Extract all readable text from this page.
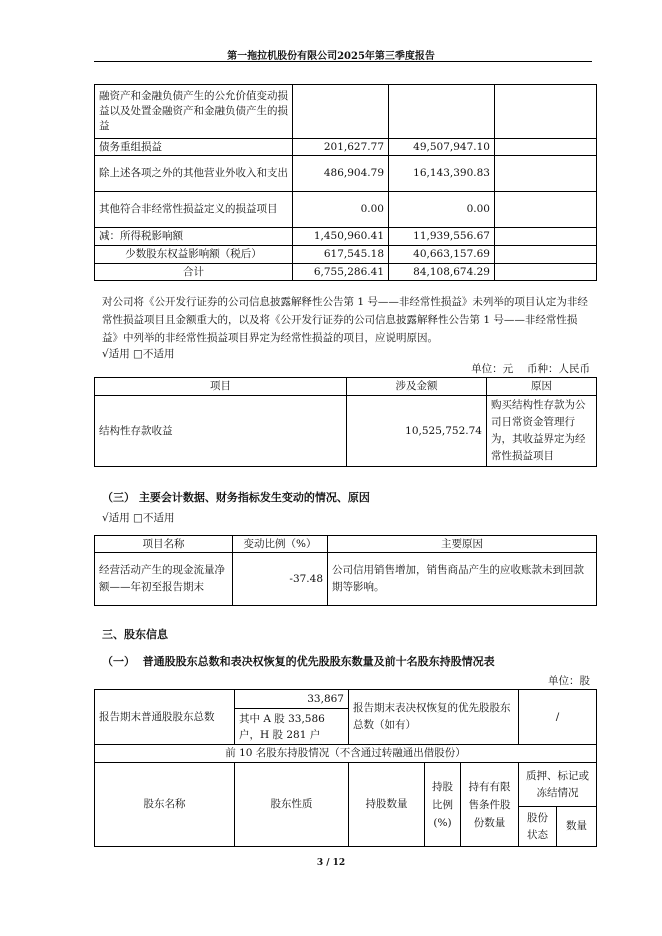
第一拖拉机股份有限公司2025年第三季度报告
融资产和金融负债产生的公允价值变动损益以及处置金融资产和金融负债产生的损益			
债务重组损益	201,627.77	49,507,947.10	
除上述各项之外的其他营业外收入和支出	486,904.79	16,143,390.83	
其他符合非经常性损益定义的损益项目	0.00	0.00	
减：所得税影响额	1,450,960.41	11,939,556.67	
少数股东权益影响额（税后）	617,545.18	40,663,157.69	
合计	6,755,286.41	84,108,674.29	
对公司将《公开发行证券的公司信息披露解释性公告第 1 号——非经常性损益》未列举的项目认定为非经常性损益项目且金额重大的，以及将《公开发行证券的公司信息披露解释性公告第 1 号——非经常性损益》中列举的非经常性损益项目界定为经常性损益的项目，应说明原因。
√适用 □不适用
单位：元　 币种：人民币
项目	涉及金额	原因
结构性存款收益	10,525,752.74	购买结构性存款为公司日常资金管理行为，其收益界定为经常性损益项目
（三） 主要会计数据、财务指标发生变动的情况、原因
√适用 □不适用
项目名称	变动比例（%）	主要原因
经营活动产生的现金流量净额——年初至报告期末	-37.48	公司信用销售增加，销售商品产生的应收账款未到回款期等影响。
三、股东信息
（一） 普通股股东总数和表决权恢复的优先股股东数量及前十名股东持股情况表
单位：股
报告期末普通股股东总数	33,867	报告期末表决权恢复的优先股股东总数（如有）			/	
	其中 A 股 33,586 户，H 股 281 户					
前 10 名股东持股情况（不含通过转融通出借股份）						
股东名称	股东性质	持股数量	持股比例(%)	持有有限售条件股份数量	质押、标记或冻结情况	
					股份状态	数量
3 / 12
